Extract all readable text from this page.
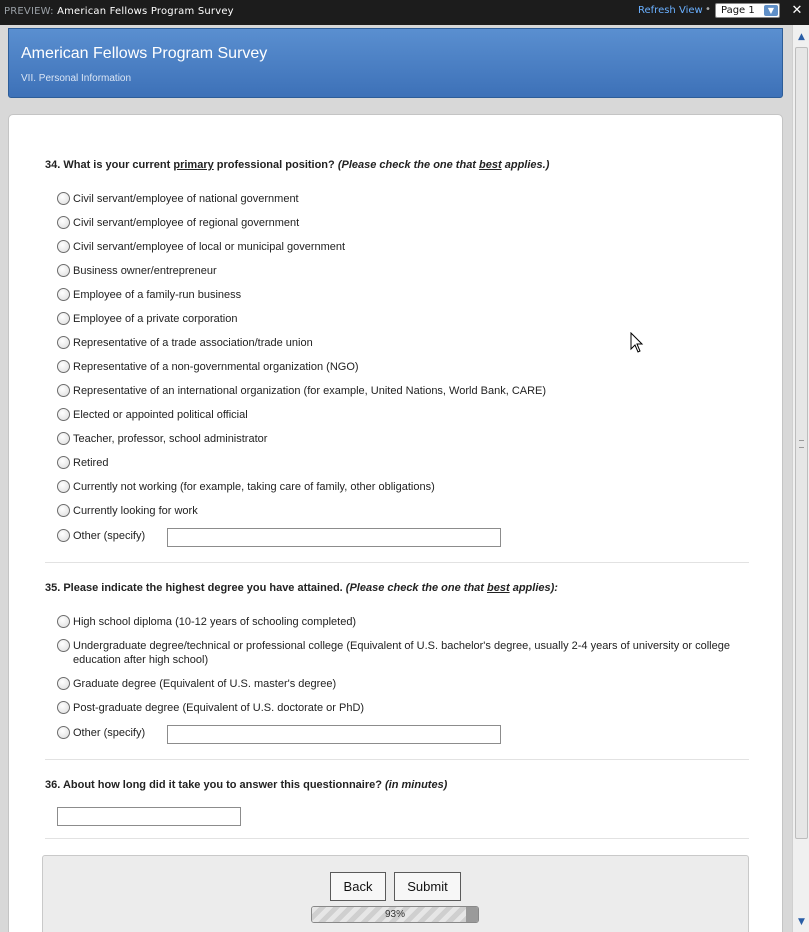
PREVIEW: American Fellows Program Survey	Refresh View •	Page 1	▼	✕
American Fellows Program Survey
VII. Personal Information
34. What is your current primary professional position? (Please check the one that best applies.)
Civil servant/employee of national government
Civil servant/employee of regional government
Civil servant/employee of local or municipal government
Business owner/entrepreneur
Employee of a family-run business
Employee of a private corporation
Representative of a trade association/trade union
Representative of a non-governmental organization (NGO)
Representative of an international organization (for example, United Nations, World Bank, CARE)
Elected or appointed political official
Teacher, professor, school administrator
Retired
Currently not working (for example, taking care of family, other obligations)
Currently looking for work
Other (specify)
35. Please indicate the highest degree you have attained. (Please check the one that best applies):
High school diploma (10-12 years of schooling completed)
Undergraduate degree/technical or professional college (Equivalent of U.S. bachelor's degree, usually 2-4 years of university or college education after high school)
Graduate degree (Equivalent of U.S. master's degree)
Post-graduate degree (Equivalent of U.S. doctorate or PhD)
Other (specify)
36. About how long did it take you to answer this questionnaire? (in minutes)
Back	Submit
93%
▲
▼
